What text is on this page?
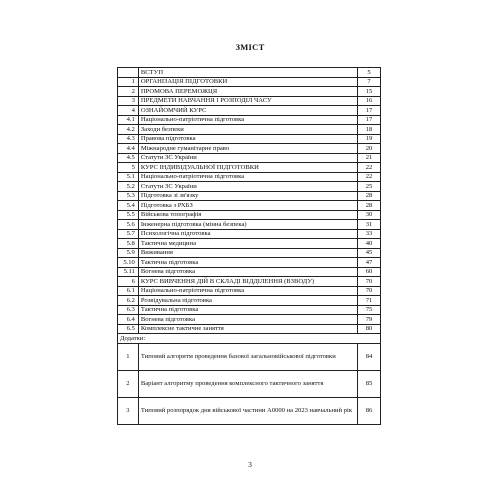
ЗМІСТ
	ВСТУП	5
1	ОРГАНІЗАЦІЯ ПІДГОТОВКИ	7
2	ПРОМОВА ПЕРЕМОЖЦЯ	15
3	ПРЕДМЕТИ НАВЧАННЯ І РОЗПОДІЛ ЧАСУ	16
4	ОЗНАЙОМЧИЙ КУРС	17
4.1	Національно-патріотична підготовка	17
4.2	Заходи безпеки	18
4.3	Правова підготовка	19
4.4	Міжнародне гуманітарне право	20
4.5	Статути ЗС України	21
5	КУРС ІНДИВІДУАЛЬНОЇ ПІДГОТОВКИ	22
5.1	Національно-патріотична підготовка	22
5.2	Статути ЗС України	25
5.3	Підготовка зі зв'язку	28
5.4	Підготовка з РХБЗ	28
5.5	Військова топографія	30
5.6	Інженерна підготовка (мінна безпека)	31
5.7	Психологічна підготовка	33
5.8	Тактична медицина	40
5.9	Виживання	45
5.10	Тактична підготовка	47
5.11	Вогнева підготовка	60
6	КУРС ВИВЧЕННЯ ДІЙ В СКЛАДІ ВІДДІЛЕННЯ (ВЗВОДУ)	70
6.1	Національно-патріотична підготовка	70
6.2	Розвідувальна підготовка	71
6.3	Тактична підготовка	75
6.4	Вогнева підготовка	79
6.5	Комплексне тактичне заняття	80
Додатки:		
1	Типовий алгоритм проведення базової загальновійськової підготовки	84
2	Варіант алгоритму проведення комплексного тактичного заняття	85
3	Типовий розпорядок дня військової частини А0000 на 2023 навчальний рік	86
3
